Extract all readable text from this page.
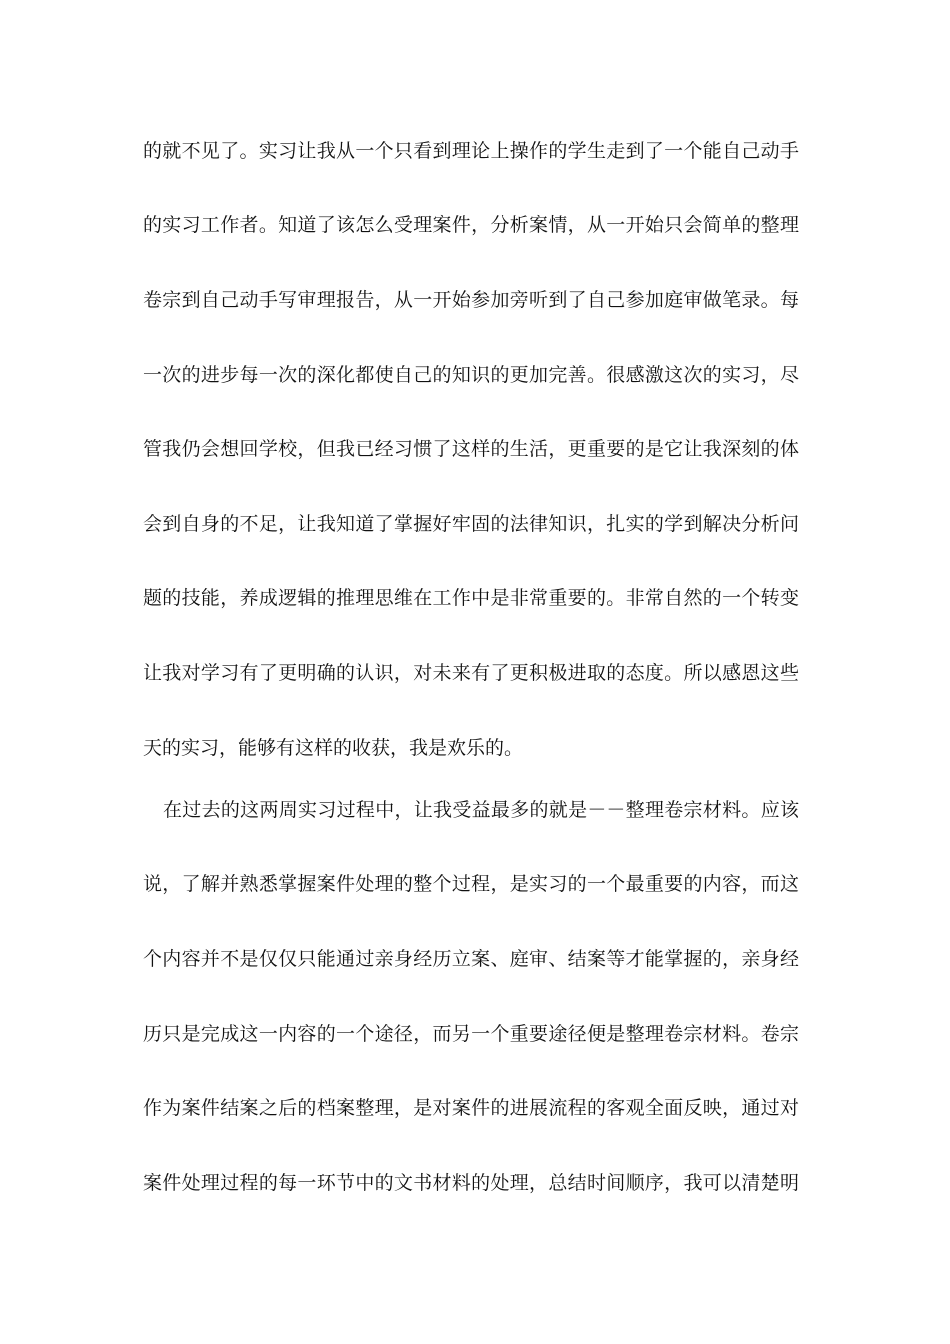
的就不见了。实习让我从一个只看到理论上操作的学生走到了一个能自己动手
的实习工作者。知道了该怎么受理案件，分析案情，从一开始只会简单的整理
卷宗到自己动手写审理报告，从一开始参加旁听到了自己参加庭审做笔录。每
一次的进步每一次的深化都使自己的知识的更加完善。很感激这次的实习，尽
管我仍会想回学校，但我已经习惯了这样的生活，更重要的是它让我深刻的体
会到自身的不足，让我知道了掌握好牢固的法律知识，扎实的学到解决分析问
题的技能，养成逻辑的推理思维在工作中是非常重要的。非常自然的一个转变
让我对学习有了更明确的认识，对未来有了更积极进取的态度。所以感恩这些
天的实习，能够有这样的收获，我是欢乐的。
在过去的这两周实习过程中，让我受益最多的就是－－整理卷宗材料。应该
说，了解并熟悉掌握案件处理的整个过程，是实习的一个最重要的内容，而这
个内容并不是仅仅只能通过亲身经历立案、庭审、结案等才能掌握的，亲身经
历只是完成这一内容的一个途径，而另一个重要途径便是整理卷宗材料。卷宗
作为案件结案之后的档案整理，是对案件的进展流程的客观全面反映，通过对
案件处理过程的每一环节中的文书材料的处理，总结时间顺序，我可以清楚明
